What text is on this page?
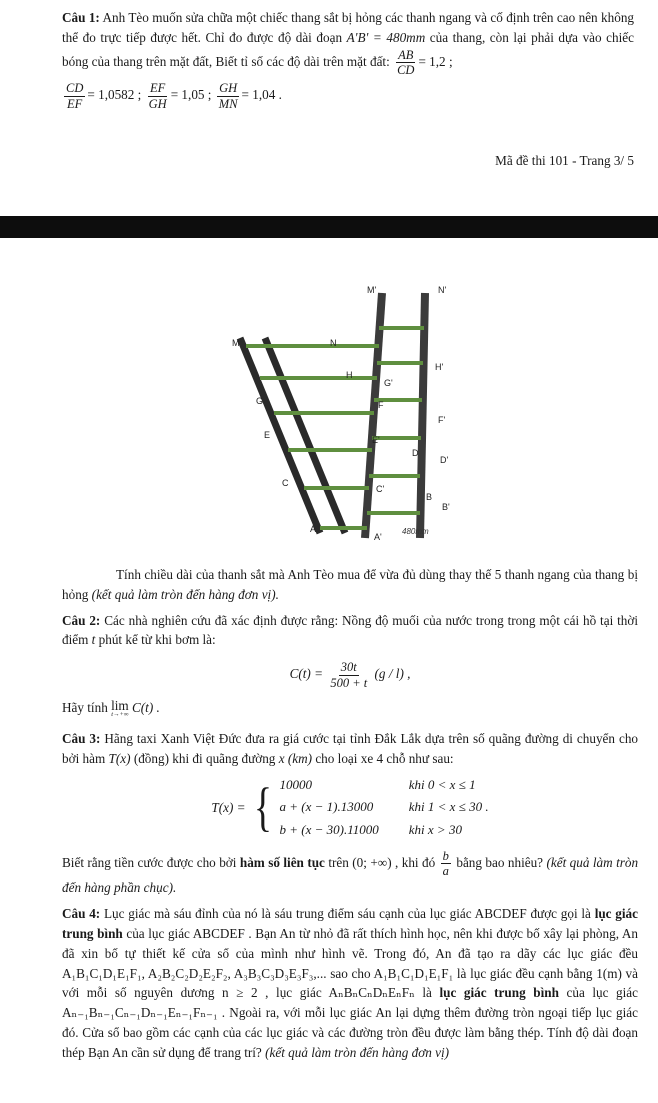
Câu 1: Anh Tèo muốn sửa chữa một chiếc thang sắt bị hỏng các thanh ngang và cố định trên cao nên không thể đo trực tiếp được hết. Chỉ đo được độ dài đoạn A'B' = 480mm của thang, còn lại phải dựa vào chiếc bóng của thang trên mặt đất, Biết tỉ số các độ dài trên mặt đất: $\frac{AB}{CD} = 1,2$ ;

$\frac{CD}{EF} = 1,0582$ ; $\frac{EF}{GH} = 1,05$ ; $\frac{GH}{MN} = 1,04$ .

Mã đề thi 101 - Trang 3/ 5

M'	N'
N
M
H
G'
H'
G	F
F'
E	E'
D
D'
C
C'
B
B'
A
A'
480mm

Tính chiều dài của thanh sắt mà Anh Tèo mua để vừa đủ dùng thay thế 5 thanh ngang của thang bị hỏng (kết quả làm tròn đến hàng đơn vị).

Câu 2: Các nhà nghiên cứu đã xác định được rằng: Nồng độ muối của nước trong trong một cái hồ tại thời điểm t phút kể từ khi bơm là:

$C(t) = \frac{30t}{500 + t} (g / l)$ ,

Hãy tính lim
t→+∞ C(t) .

Câu 3: Hãng taxi Xanh Việt Đức đưa ra giá cước tại tỉnh Đắk Lắk dựa trên số quãng đường di chuyển cho bởi hàm T(x) (đồng) khi đi quãng đường x (km) cho loại xe 4 chỗ như sau:

T(x) = { 10000	khi 0 < x ≤ 1
a + (x − 1).13000	khi 1 < x ≤ 30 .
b + (x − 30).11000 khi x > 30

Biết rằng tiền cước được cho bởi hàm số liên tục trên (0; +∞) , khi đó $\frac{b}{a}$ bằng bao nhiêu? (kết quả làm tròn đến hàng phần chục).

Câu 4: Lục giác mà sáu đỉnh của nó là sáu trung điểm sáu cạnh của lục giác ABCDEF được gọi là lục giác trung bình của lục giác ABCDEF . Bạn An từ nhỏ đã rất thích hình học, nên khi được bố xây lại phòng, An đã xin bố tự thiết kế cửa sổ của mình như hình vẽ. Trong đó, An đã tạo ra dãy các lục giác đều A₁B₁C₁D₁E₁F₁, A₂B₂C₂D₂E₂F₂, A₃B₃C₃D₃E₃F₃,... sao cho A₁B₁C₁D₁E₁F₁ là lục giác đều cạnh bằng 1(m) và với mỗi số nguyên dương n ≥ 2 , lục giác AₙBₙCₙDₙEₙFₙ là lục giác trung bình của lục giác Aₙ₋₁Bₙ₋₁Cₙ₋₁Dₙ₋₁Eₙ₋₁Fₙ₋₁ . Ngoài ra, với mỗi lục giác An lại dựng thêm đường tròn ngoại tiếp lục giác đó. Cửa sổ bao gồm các cạnh của các lục giác và các đường tròn đều được làm bằng thép. Tính độ dài đoạn thép Bạn An cần sử dụng để trang trí? (kết quả làm tròn đến hàng đơn vị)
